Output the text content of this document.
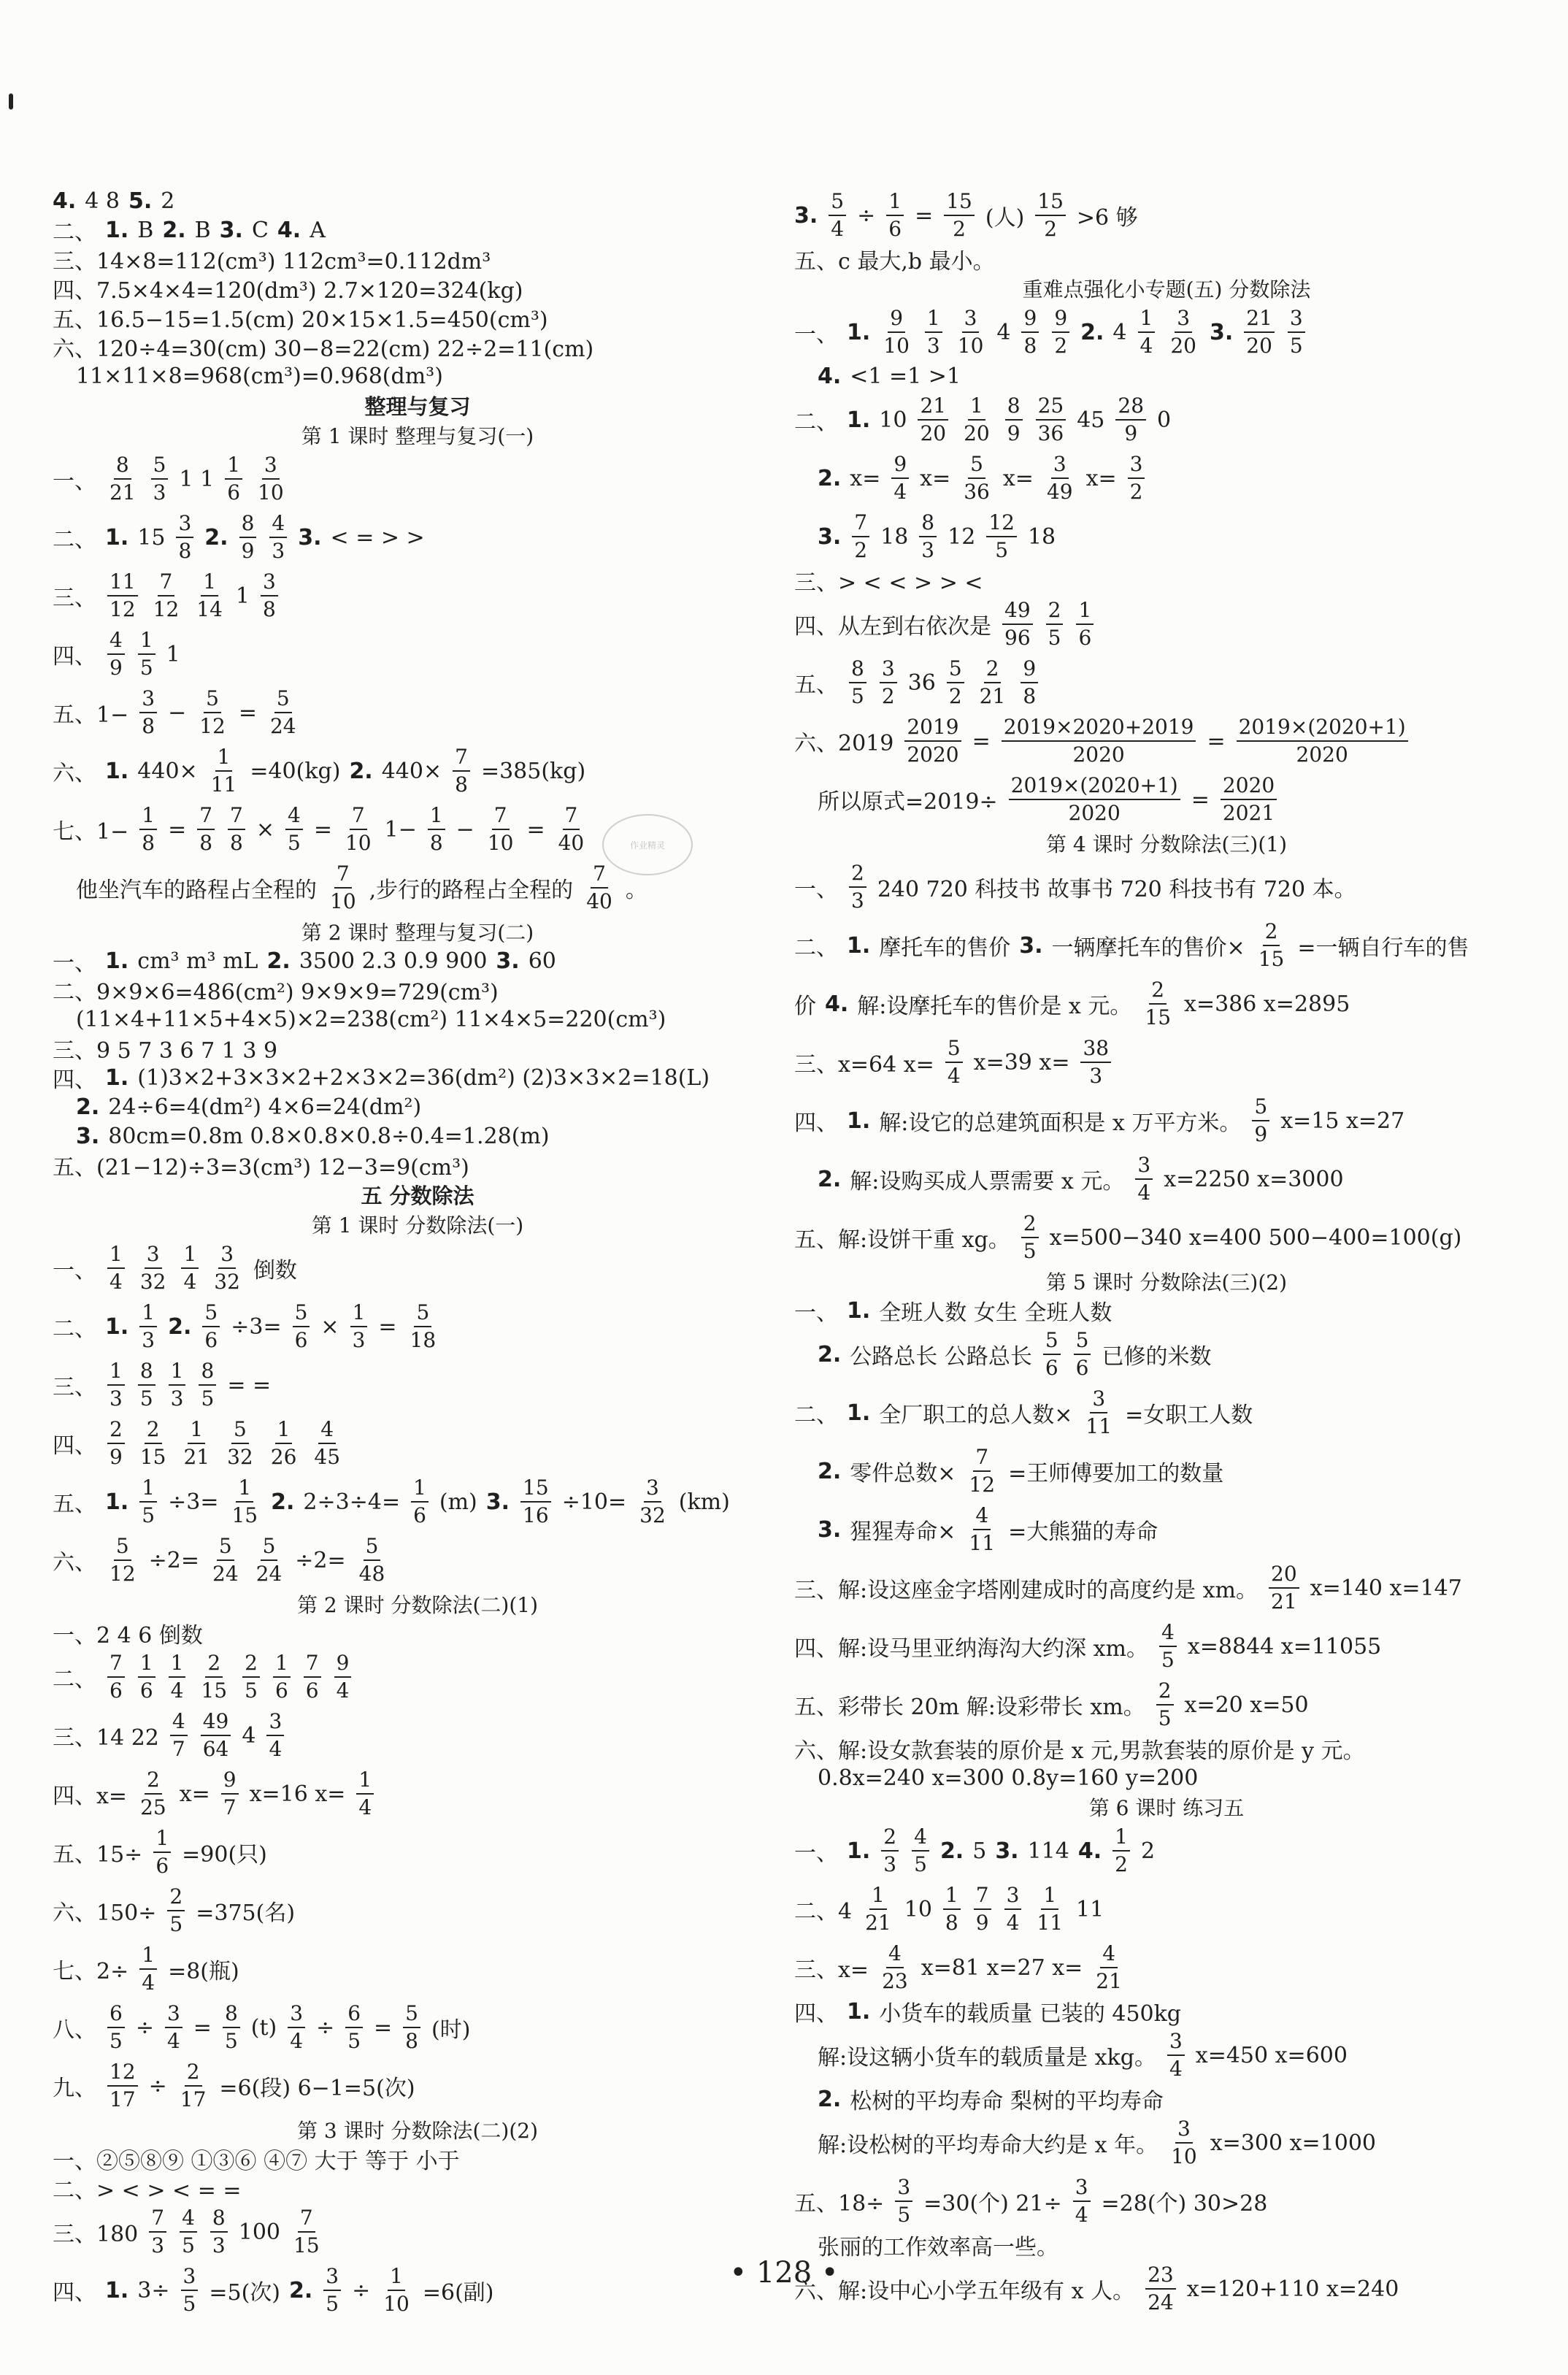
4. 4 8 5. 2
二、 1. B 2. B 3. C 4. A
三、14×8=112(cm³) 112cm³=0.112dm³
四、7.5×4×4=120(dm³) 2.7×120=324(kg)
五、16.5−15=1.5(cm) 20×15×1.5=450(cm³)
六、120÷4=30(cm) 30−8=22(cm) 22÷2=11(cm)
11×11×8=968(cm³)=0.968(dm³)
整理与复习
第 1 课时 整理与复习(一)
一、 $\frac{8}{21} \frac{5}{3} 1$ $1 \frac{1}{6} \frac{3}{10}$
二、 1. $15 \frac{3}{8} 2$. $\frac{8}{9} \frac{4}{3} 3$. < = > >
三、 $\frac{11}{12} \frac{7}{12} \frac{1}{14} 1 \frac{3}{8}$
四、 $\frac{4}{9} \frac{1}{5} 1$
五、$1- \frac{3}{8} - \frac{5}{12} = \frac{5}{24}$
六、 1. $440\times \frac{1}{11} =40(kg)$ 2. $440\times \frac{7}{8} =385(kg)$
七、$1- \frac{1}{8} = \frac{7}{8} \frac{7}{8} \times \frac{4}{5} = \frac{7}{10} 1- \frac{1}{8} - \frac{7}{10} = \frac{7}{40}$
他坐汽车的路程占全程的 $\frac{7}{10}$ ,步行的路程占全程的 $\frac{7}{40}$ 。
第 2 课时 整理与复习(二)
一、 1. cm³ m³ mL 2. 3500 2.3 0.9 900 3. 60
二、9×9×6=486(cm²) 9×9×9=729(cm³)
(11×4+11×5+4×5)×2=238(cm²) 11×4×5=220(cm³)
三、9 5 7 3 6 7 1 3 9
四、 1. (1)3×2+3×3×2+2×3×2=36(dm²) (2)3×3×2=18(L)
2. 24÷6=4(dm²) 4×6=24(dm²)
3. 80cm=0.8m 0.8×0.8×0.8÷0.4=1.28(m)
五、(21−12)÷3=3(cm³) 12−3=9(cm³)
五 分数除法
第 1 课时 分数除法(一)
一、 $\frac{1}{4} \frac{3}{32} \frac{1}{4} \frac{3}{32}$ 倒数
二、 1. $\frac{1}{3} 2$. $\frac{5}{6} \div 3= \frac{5}{6} \times \frac{1}{3} = \frac{5}{18}$
三、 $\frac{1}{3} \frac{8}{5} \frac{1}{3} \frac{8}{5}$ = =
四、 $\frac{2}{9} \frac{2}{15} \frac{1}{21} \frac{5}{32} \frac{1}{26} \frac{4}{45}$
五、 1. $\frac{1}{5} \div 3= \frac{1}{15} 2$. $2\div 3\div 4= \frac{1}{6} (m)$ 3. $\frac{15}{16} \div 10= \frac{3}{32} (km)$
六、 $\frac{5}{12} \div 2= \frac{5}{24} \frac{5}{24} \div 2= \frac{5}{48}$
第 2 课时 分数除法(二)(1)
一、2 4 6 倒数
二、 $\frac{7}{6} \frac{1}{6} \frac{1}{4} \frac{2}{15} \frac{2}{5} \frac{1}{6} \frac{7}{6} \frac{9}{4}$
三、14 $22 \frac{4}{7} \frac{49}{64} 4 \frac{3}{4}$
四、$x= \frac{2}{25} x= \frac{9}{7} x=16$ $x= \frac{1}{4}$
五、$15\div \frac{1}{6} =90$(只)
六、$150\div \frac{2}{5} =375$(名)
七、$2\div \frac{1}{4} =8$(瓶)
八、 $\frac{6}{5} \div \frac{3}{4} = \frac{8}{5} (t) \frac{3}{4} \div \frac{6}{5} = \frac{5}{8}$ (时)
九、 $\frac{12}{17} \div \frac{2}{17} =6$(段) 6−1=5(次)
第 3 课时 分数除法(二)(2)
一、②⑤⑧⑨ ①③⑥ ④⑦ 大于 等于 小于
二、> < > < = =
三、$180 \frac{7}{3} \frac{4}{5} \frac{8}{3} 100 \frac{7}{15}$
四、 1. $3\div \frac{3}{5} =5$(次) 2. $\frac{3}{5} \div \frac{1}{10} =6$(副)
3. $\frac{5}{4} \div \frac{1}{6} = \frac{15}{2}$ (人) $\frac{15}{2} >6$ 够
五、c 最大,b 最小。
重难点强化小专题(五) 分数除法
一、 1. $\frac{9}{10} \frac{1}{3} \frac{3}{10} 4 \frac{9}{8} \frac{9}{2} 2$. $4 \frac{1}{4} \frac{3}{20} 3$. $\frac{21}{20} \frac{3}{5}$
4. <1 =1 >1
二、 1. $10 \frac{21}{20} \frac{1}{20} \frac{8}{9} \frac{25}{36} 45 \frac{28}{9} 0$
2. $x= \frac{9}{4} x= \frac{5}{36} x= \frac{3}{49} x= \frac{3}{2}$
3. $\frac{7}{2} 18 \frac{8}{3} 12 \frac{12}{5} 18$
三、> < < > > <
四、从左到右依次是 $\frac{49}{96} \frac{2}{5} \frac{1}{6}$
五、 $\frac{8}{5} \frac{3}{2} 36 \frac{5}{2} \frac{2}{21} \frac{9}{8}$
六、$2019 \frac{2019}{2020} = \frac{2019\times 2020+2019}{2020} = \frac{2019\times(2020+1)}{2020}$
所以原式$=2019\div \frac{2019\times(2020+1)}{2020} = \frac{2020}{2021}$
第 4 课时 分数除法(三)(1)
一、 $\frac{2}{3} 240$ 720 科技书 故事书 720 科技书有 720 本。
二、 1. 摩托车的售价 3. 一辆摩托车的售价× $\frac{2}{15}$ =一辆自行车的售
价 4. 解:设摩托车的售价是 x 元。 $\frac{2}{15} x=386$ x=2895
三、x=64 $x= \frac{5}{4} x=39$ $x= \frac{38}{3}$
四、 1. 解:设它的总建筑面积是 x 万平方米。 $\frac{5}{9} x=15$ x=27
2. 解:设购买成人票需要 x 元。 $\frac{3}{4} x=2250$ x=3000
五、解:设饼干重 xg。 $\frac{2}{5} x=500-340$ x=400 500−400=100(g)
第 5 课时 分数除法(三)(2)
一、 1. 全班人数 女生 全班人数
2. 公路总长 公路总长 $\frac{5}{6} \frac{5}{6}$ 已修的米数
二、 1. 全厂职工的总人数× $\frac{3}{11}$ =女职工人数
2. 零件总数× $\frac{7}{12}$ =王师傅要加工的数量
3. 猩猩寿命× $\frac{4}{11}$ =大熊猫的寿命
三、解:设这座金字塔刚建成时的高度约是 xm。 $\frac{20}{21} x=140$ x=147
四、解:设马里亚纳海沟大约深 xm。 $\frac{4}{5} x=8844$ x=11055
五、彩带长 20m 解:设彩带长 xm。 $\frac{2}{5} x=20$ x=50
六、解:设女款套装的原价是 x 元,男款套装的原价是 y 元。
0.8x=240 x=300 0.8y=160 y=200
第 6 课时 练习五
一、 1. $\frac{2}{3} \frac{4}{5} 2$. 5 3. 114 4. $\frac{1}{2} 2$
二、$4 \frac{1}{21} 10 \frac{1}{8} \frac{7}{9} \frac{3}{4} \frac{1}{11} 11$
三、$x= \frac{4}{23} x=81$ x=27 $x= \frac{4}{21}$
四、 1. 小货车的载质量 已装的 450kg
解:设这辆小货车的载质量是 xkg。 $\frac{3}{4} x=450$ x=600
2. 松树的平均寿命 梨树的平均寿命
解:设松树的平均寿命大约是 x 年。 $\frac{3}{10} x=300$ x=1000
五、$18\div \frac{3}{5} =30$(个) $21\div \frac{3}{4} =28$(个) 30>28
张丽的工作效率高一些。
六、解:设中心小学五年级有 x 人。 $\frac{23}{24} x=120+110$ x=240
作业精灵
• 128 •
